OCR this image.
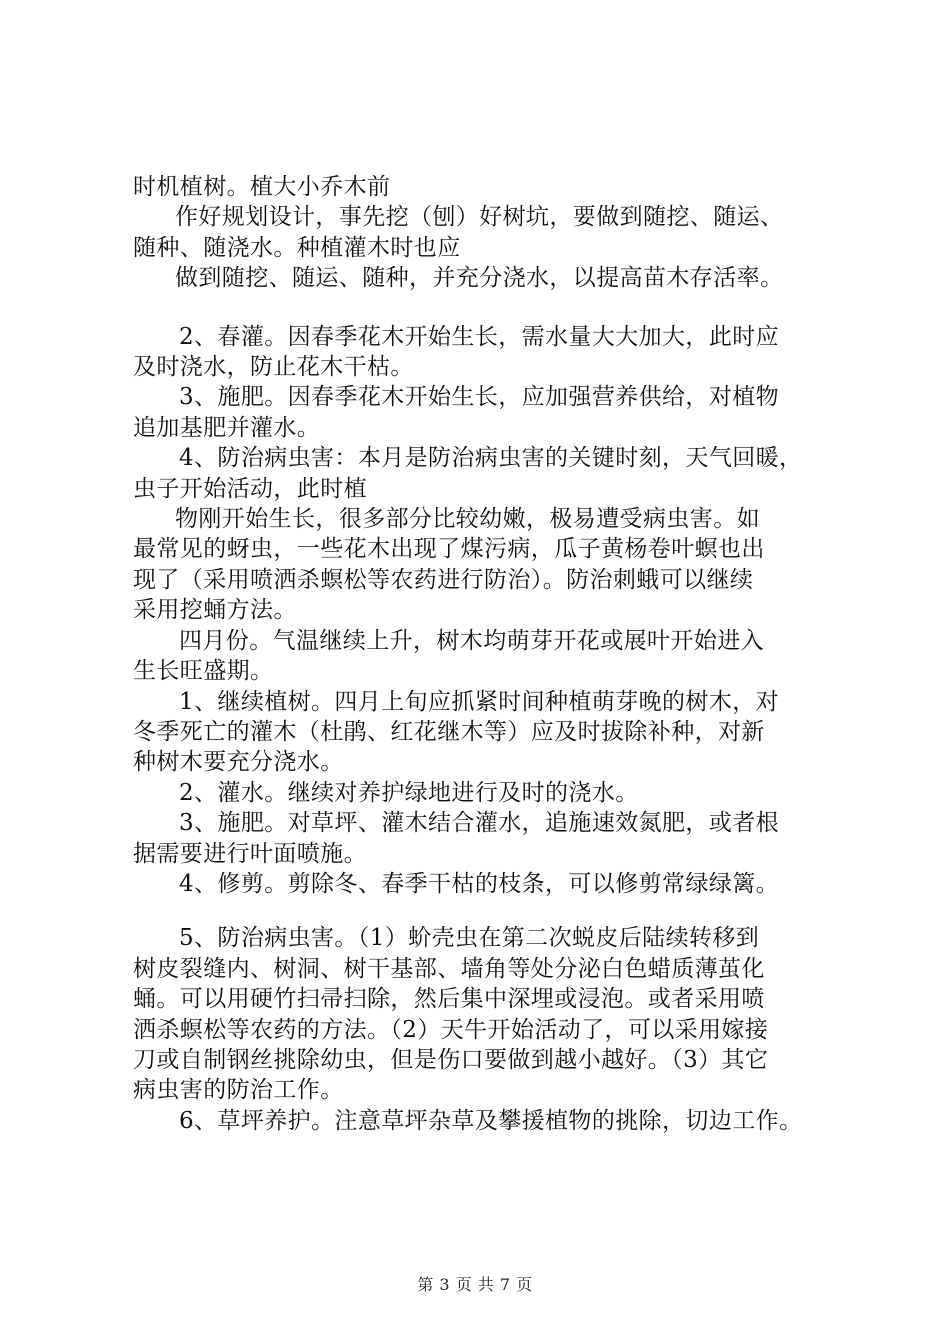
时机植树。植大小乔木前
作好规划设计，事先挖（刨）好树坑，要做到随挖、随运、
随种、随浇水。种植灌木时也应
做到随挖、随运、随种，并充分浇水，以提高苗木存活率。
2、春灌。因春季花木开始生长，需水量大大加大，此时应
及时浇水，防止花木干枯。
3、施肥。因春季花木开始生长，应加强营养供给，对植物
追加基肥并灌水。
4、防治病虫害：本月是防治病虫害的关键时刻，天气回暖，
虫子开始活动，此时植
物刚开始生长，很多部分比较幼嫩，极易遭受病虫害。如
最常见的蚜虫，一些花木出现了煤污病，瓜子黄杨卷叶螟也出
现了（采用喷洒杀螟松等农药进行防治）。防治刺蛾可以继续
采用挖蛹方法。
四月份。气温继续上升，树木均萌芽开花或展叶开始进入
生长旺盛期。
1、继续植树。四月上旬应抓紧时间种植萌芽晚的树木，对
冬季死亡的灌木（杜鹃、红花继木等）应及时拔除补种，对新
种树木要充分浇水。
2、灌水。继续对养护绿地进行及时的浇水。
3、施肥。对草坪、灌木结合灌水，追施速效氮肥，或者根
据需要进行叶面喷施。
4、修剪。剪除冬、春季干枯的枝条，可以修剪常绿绿篱。
5、防治病虫害。（1）蚧壳虫在第二次蜕皮后陆续转移到
树皮裂缝内、树洞、树干基部、墙角等处分泌白色蜡质薄茧化
蛹。可以用硬竹扫帚扫除，然后集中深埋或浸泡。或者采用喷
洒杀螟松等农药的方法。（2）天牛开始活动了，可以采用嫁接
刀或自制钢丝挑除幼虫，但是伤口要做到越小越好。（3）其它
病虫害的防治工作。
6、草坪养护。注意草坪杂草及攀援植物的挑除，切边工作。
第 3 页 共 7 页
